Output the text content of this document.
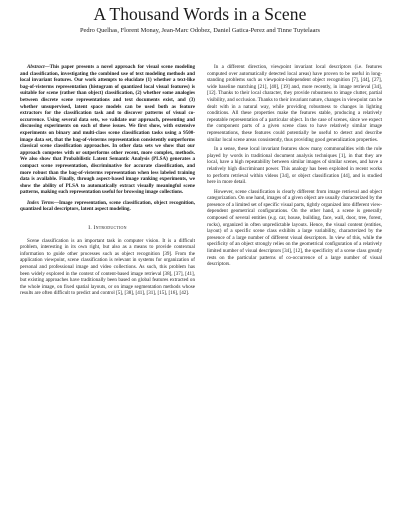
A Thousand Words in a Scene
Pedro Quelhas, Florent Monay, Jean-Marc Odobez, Daniel Gatica-Perez and Tinne Tuytelaars

Abstract—This paper presents a novel approach for visual scene modeling and classification, investigating the combined use of text modeling methods and local invariant features. Our work attempts to elucidate (1) whether a text-like bag-of-visterms representation (histogram of quantized local visual features) is suitable for scene (rather than object) classification, (2) whether some analogies between discrete scene representations and text documents exist, and (3) whether unsupervised, latent space models can be used both as feature extractors for the classification task and to discover patterns of visual co-occurrence. Using several data sets, we validate our approach, presenting and discussing experiments on each of these issues. We first show, with extensive experiments on binary and multi-class scene classification tasks using a 9500-image data set, that the bag-of-visterms representation consistently outperforms classical scene classification approaches. In other data sets we show that our approach competes with or outperforms other recent, more complex, methods. We also show that Probabilistic Latent Semantic Analysis (PLSA) generates a compact scene representation, discriminative for accurate classification, and more robust than the bag-of-visterms representation when less labeled training data is available. Finally, through aspect-based image ranking experiments, we show the ability of PLSA to automatically extract visually meaningful scene patterns, making such representation useful for browsing image collections.

Index Terms—Image representation, scene classification, object recognition, quantized local descriptors, latent aspect modeling.

I. Introduction

Scene classification is an important task in computer vision. It is a difficult problem, interesting in its own right, but also as a means to provide contextual information to guide other processes such as object recognition [39]. From the application viewpoint, scene classification is relevant in systems for organization of personal and professional image and video collections. As such, this problem has been widely explored in the context of content-based image retrieval [38], [37], [41], but existing approaches have traditionally been based on global features extracted on the whole image, on fixed spatial layouts, or on image segmentation methods whose results are often difficult to predict and control [5], [38], [41], [31], [15], [16], [42].

In a different direction, viewpoint invariant local descriptors (i.e. features computed over automatically detected local areas) have proven to be useful in long-standing problems such as viewpoint-independent object recognition [7], [44], [27], wide baseline matching [21], [40], [19] and, more recently, in image retrieval [34], [12]. Thanks to their local character, they provide robustness to image clutter, partial visibility, and occlusion. Thanks to their invariant nature, changes in viewpoint can be dealt with in a natural way, while providing robustness to changes in lighting conditions. All these properties make the features stable, producing a relatively repeatable representation of a particular object. In the case of scenes, since we expect the component parts of a given scene class to have relatively similar image representations, these features could potentially be useful to detect and describe similar local scene areas consistently, thus providing good generalization properties.

In a sense, these local invariant features show many commonalities with the role played by words in traditional document analysis techniques [1], in that they are local, have a high repeatability between similar images of similar scenes, and have a relatively high discriminant power. This analogy has been exploited in recent works to perform retrieval within videos [34], or object classification [44], and is studied here in more detail.

However, scene classification is clearly different from image retrieval and object categorization. On one hand, images of a given object are usually characterized by the presence of a limited set of specific visual parts, tightly organized into different view-dependent geometrical configurations. On the other hand, a scene is generally composed of several entities (e.g. car, house, building, face, wall, door, tree, forest, rocks), organized in often unpredictable layouts. Hence, the visual content (entities, layout) of a specific scene class exhibits a large variability, characterized by the presence of a large number of different visual descriptors. In view of this, while the specificity of an object strongly relies on the geometrical configuration of a relatively limited number of visual descriptors [34], [12], the specificity of a scene class greatly rests on the particular patterns of co-occurrence of a large number of visual descriptors.
